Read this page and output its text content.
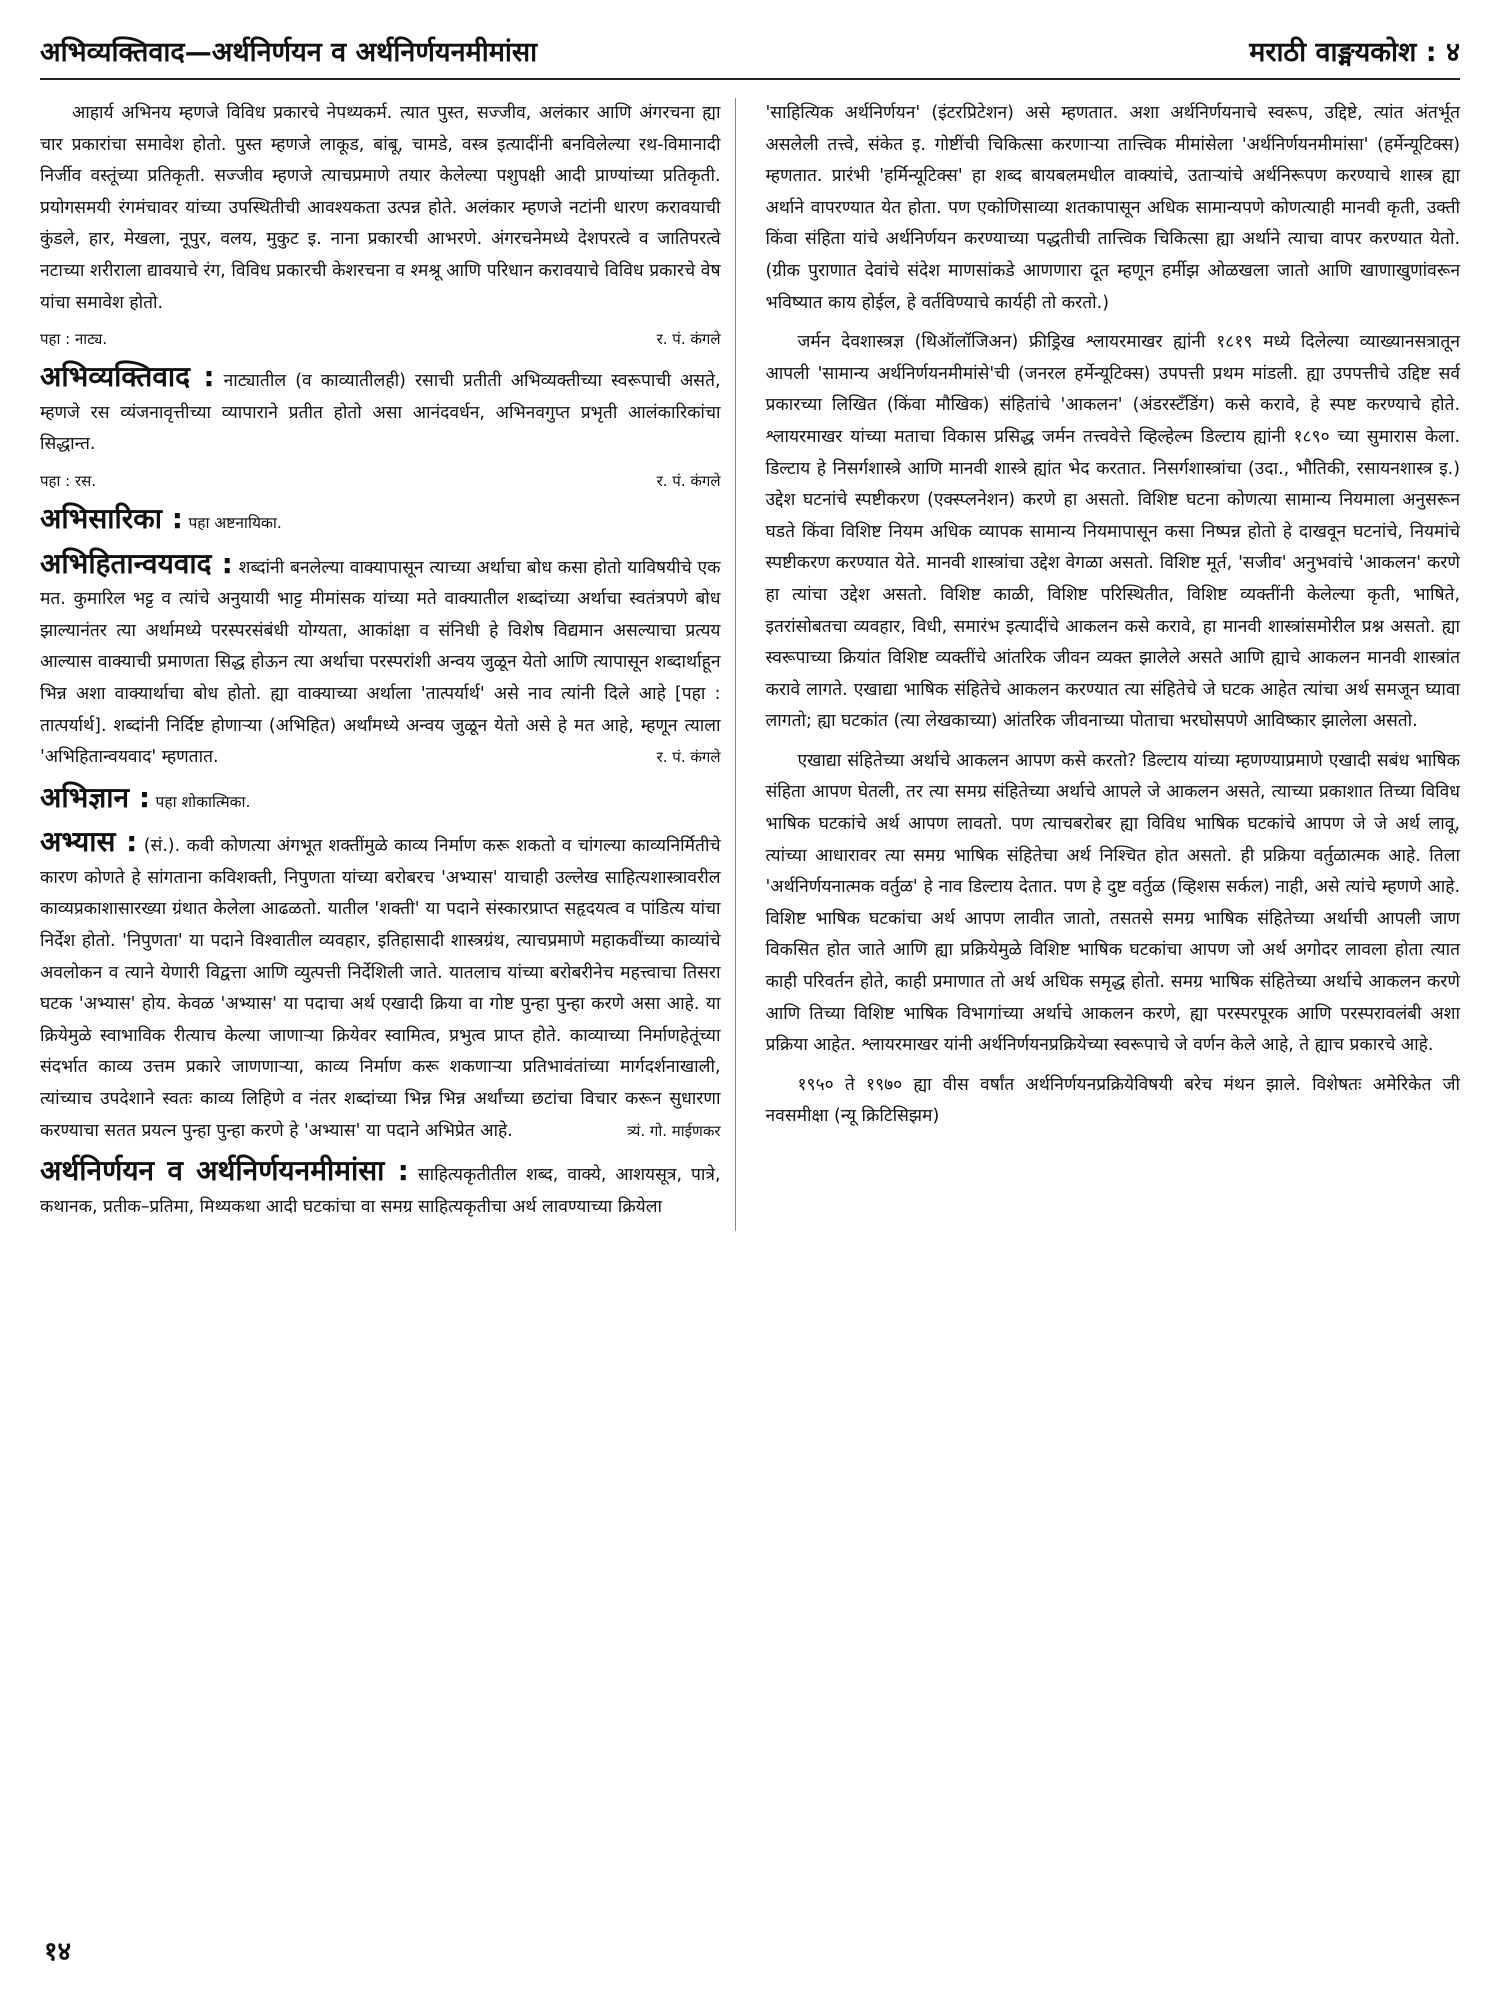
अभिव्यक्तिवाद—अर्थनिर्णयन व अर्थनिर्णयनमीमांसा	मराठी वाङ्मयकोश : ४

आहार्य अभिनय म्हणजे विविध प्रकारचे नेपथ्यकर्म. त्यात पुस्त, सज्जीव, अलंकार आणि अंगरचना ह्या चार प्रकारांचा समावेश होतो. पुस्त म्हणजे लाकूड, बांबू, चामडे, वस्त्र इत्यादींनी बनविलेल्या रथ-विमानादी निर्जीव वस्तूंच्या प्रतिकृती. सज्जीव म्हणजे त्याचप्रमाणे तयार केलेल्या पशुपक्षी आदी प्राण्यांच्या प्रतिकृती. प्रयोगसमयी रंगमंचावर यांच्या उपस्थितीची आवश्यकता उत्पन्न होते. अलंकार म्हणजे नटांनी धारण करावयाची कुंडले, हार, मेखला, नूपुर, वलय, मुकुट इ. नाना प्रकारची आभरणे. अंगरचनेमध्ये देशपरत्वे व जातिपरत्वे नटाच्या शरीराला द्यावयाचे रंग, विविध प्रकारची केशरचना व श्मश्रू आणि परिधान करावयाचे विविध प्रकारचे वेष यांचा समावेश होतो.

पहा : नाट्य.	र. पं. कंगले
अभिव्यक्तिवाद : नाट्यातील (व काव्यातीलही) रसाची प्रतीती अभिव्यक्तीच्या स्वरूपाची असते, म्हणजे रस व्यंजनावृत्तीच्या व्यापाराने प्रतीत होतो असा आनंदवर्धन, अभिनवगुप्त प्रभृती आलंकारिकांचा सिद्धान्त.
पहा : रस.	र. पं. कंगले
अभिसारिका : पहा अष्टनायिका.
अभिहितान्वयवाद : शब्दांनी बनलेल्या वाक्यापासून त्याच्या अर्थाचा बोध कसा होतो याविषयीचे एक मत. कुमारिल भट्ट व त्यांचे अनुयायी भाट्ट मीमांसक यांच्या मते वाक्यातील शब्दांच्या अर्थाचा स्वतंत्रपणे बोध झाल्यानंतर त्या अर्थामध्ये परस्परसंबंधी योग्यता, आकांक्षा व संनिधी हे विशेष विद्यमान असल्याचा प्रत्यय आल्यास वाक्याची प्रमाणता सिद्ध होऊन त्या अर्थाचा परस्परांशी अन्वय जुळून येतो आणि त्यापासून शब्दार्थाहून भिन्न अशा वाक्यार्थाचा बोध होतो. ह्या वाक्याच्या अर्थाला 'तात्पर्यार्थ' असे नाव त्यांनी दिले आहे [पहा : तात्पर्यार्थ]. शब्दांनी निर्दिष्ट होणाऱ्या (अभिहित) अर्थांमध्ये अन्वय जुळून येतो असे हे मत आहे, म्हणून त्याला 'अभिहितान्वयवाद' म्हणतात.	र. पं. कंगले
अभिज्ञान : पहा शोकात्मिका.
अभ्यास : (सं.). कवी कोणत्या अंगभूत शक्तींमुळे काव्य निर्माण करू शकतो व चांगल्या काव्यनिर्मितीचे कारण कोणते हे सांगताना कविशक्ती, निपुणता यांच्या बरोबरच 'अभ्यास' याचाही उल्लेख साहित्यशास्त्रावरील काव्यप्रकाशासारख्या ग्रंथात केलेला आढळतो. यातील 'शक्ती' या पदाने संस्कारप्राप्त सहृदयत्व व पांडित्य यांचा निर्देश होतो. 'निपुणता' या पदाने विश्वातील व्यवहार, इतिहासादी शास्त्रग्रंथ, त्याचप्रमाणे महाकवींच्या काव्यांचे अवलोकन व त्याने येणारी विद्वत्ता आणि व्युत्पत्ती निर्देशिली जाते. यातलाच यांच्या बरोबरीनेच महत्त्वाचा तिसरा घटक 'अभ्यास' होय. केवळ 'अभ्यास' या पदाचा अर्थ एखादी क्रिया वा गोष्ट पुन्हा पुन्हा करणे असा आहे. या क्रियेमुळे स्वाभाविक रीत्याच केल्या जाणाऱ्या क्रियेवर स्वामित्व, प्रभुत्व प्राप्त होते. काव्याच्या निर्माणहेतूंच्या संदर्भात काव्य उत्तम प्रकारे जाणणाऱ्या, काव्य निर्माण करू शकणाऱ्या प्रतिभावंतांच्या मार्गदर्शनाखाली, त्यांच्याच उपदेशाने स्वतः काव्य लिहिणे व नंतर शब्दांच्या भिन्न भिन्न अर्थांच्या छटांचा विचार करून सुधारणा करण्याचा सतत प्रयत्न पुन्हा पुन्हा करणे हे 'अभ्यास' या पदाने अभिप्रेत आहे.	त्र्यं. गो. माईणकर
अर्थनिर्णयन व अर्थनिर्णयनमीमांसा : साहित्यकृतीतील शब्द, वाक्ये, आशयसूत्र, पात्रे, कथानक, प्रतीक–प्रतिमा, मिथ्यकथा आदी घटकांचा वा समग्र साहित्यकृतीचा अर्थ लावण्याच्या क्रियेला

'साहित्यिक अर्थनिर्णयन' (इंटरप्रिटेशन) असे म्हणतात. अशा अर्थनिर्णयनाचे स्वरूप, उद्दिष्टे, त्यांत अंतर्भूत असलेली तत्त्वे, संकेत इ. गोष्टींची चिकित्सा करणाऱ्या तात्त्विक मीमांसेला 'अर्थनिर्णयनमीमांसा' (हर्मेन्यूटिक्स) म्हणतात. प्रारंभी 'हर्मिन्यूटिक्स' हा शब्द बायबलमधील वाक्यांचे, उताऱ्यांचे अर्थनिरूपण करण्याचे शास्त्र ह्या अर्थाने वापरण्यात येत होता. पण एकोणिसाव्या शतकापासून अधिक सामान्यपणे कोणत्याही मानवी कृती, उक्ती किंवा संहिता यांचे अर्थनिर्णयन करण्याच्या पद्धतीची तात्त्विक चिकित्सा ह्या अर्थाने त्याचा वापर करण्यात येतो. (ग्रीक पुराणात देवांचे संदेश माणसांकडे आणणारा दूत म्हणून हर्मीझ ओळखला जातो आणि खाणाखुणांवरून भविष्यात काय होईल, हे वर्तविण्याचे कार्यही तो करतो.)

जर्मन देवशास्त्रज्ञ (थिऑलॉजिअन) फ्रीड्रिख श्लायरमाखर ह्यांनी १८१९ मध्ये दिलेल्या व्याख्यानसत्रातून आपली 'सामान्य अर्थनिर्णयनमीमांसे'ची (जनरल हर्मेन्यूटिक्स) उपपत्ती प्रथम मांडली. ह्या उपपत्तीचे उद्दिष्ट सर्व प्रकारच्या लिखित (किंवा मौखिक) संहितांचे 'आकलन' (अंडरस्टॅंडिंग) कसे करावे, हे स्पष्ट करण्याचे होते. श्लायरमाखर यांच्या मताचा विकास प्रसिद्ध जर्मन तत्त्ववेत्ते व्हिल्हेल्म डिल्टाय ह्यांनी १८९० च्या सुमारास केला. डिल्टाय हे निसर्गशास्त्रे आणि मानवी शास्त्रे ह्यांत भेद करतात. निसर्गशास्त्रांचा (उदा., भौतिकी, रसायनशास्त्र इ.) उद्देश घटनांचे स्पष्टीकरण (एक्स्प्लनेशन) करणे हा असतो. विशिष्ट घटना कोणत्या सामान्य नियमाला अनुसरून घडते किंवा विशिष्ट नियम अधिक व्यापक सामान्य नियमापासून कसा निष्पन्न होतो हे दाखवून घटनांचे, नियमांचे स्पष्टीकरण करण्यात येते. मानवी शास्त्रांचा उद्देश वेगळा असतो. विशिष्ट मूर्त, 'सजीव' अनुभवांचे 'आकलन' करणे हा त्यांचा उद्देश असतो. विशिष्ट काळी, विशिष्ट परिस्थितीत, विशिष्ट व्यक्तींनी केलेल्या कृती, भाषिते, इतरांसोबतचा व्यवहार, विधी, समारंभ इत्यादींचे आकलन कसे करावे, हा मानवी शास्त्रांसमोरील प्रश्न असतो. ह्या स्वरूपाच्या क्रियांत विशिष्ट व्यक्तींचे आंतरिक जीवन व्यक्त झालेले असते आणि ह्याचे आकलन मानवी शास्त्रांत करावे लागते. एखाद्या भाषिक संहितेचे आकलन करण्यात त्या संहितेचे जे घटक आहेत त्यांचा अर्थ समजून घ्यावा लागतो; ह्या घटकांत (त्या लेखकाच्या) आंतरिक जीवनाच्या पोताचा भरघोसपणे आविष्कार झालेला असतो.

एखाद्या संहितेच्या अर्थाचे आकलन आपण कसे करतो? डिल्टाय यांच्या म्हणण्याप्रमाणे एखादी सबंध भाषिक संहिता आपण घेतली, तर त्या समग्र संहितेच्या अर्थाचे आपले जे आकलन असते, त्याच्या प्रकाशात तिच्या विविध भाषिक घटकांचे अर्थ आपण लावतो. पण त्याचबरोबर ह्या विविध भाषिक घटकांचे आपण जे जे अर्थ लावू, त्यांच्या आधारावर त्या समग्र भाषिक संहितेचा अर्थ निश्चित होत असतो. ही प्रक्रिया वर्तुळात्मक आहे. तिला 'अर्थनिर्णयनात्मक वर्तुळ' हे नाव डिल्टाय देतात. पण हे दुष्ट वर्तुळ (व्हिशस सर्कल) नाही, असे त्यांचे म्हणणे आहे. विशिष्ट भाषिक घटकांचा अर्थ आपण लावीत जातो, तसतसे समग्र भाषिक संहितेच्या अर्थाची आपली जाण विकसित होत जाते आणि ह्या प्रक्रियेमुळे विशिष्ट भाषिक घटकांचा आपण जो अर्थ अगोदर लावला होता त्यात काही परिवर्तन होते, काही प्रमाणात तो अर्थ अधिक समृद्ध होतो. समग्र भाषिक संहितेच्या अर्थाचे आकलन करणे आणि तिच्या विशिष्ट भाषिक विभागांच्या अर्थाचे आकलन करणे, ह्या परस्परपूरक आणि परस्परावलंबी अशा प्रक्रिया आहेत. श्लायरमाखर यांनी अर्थनिर्णयनप्रक्रियेच्या स्वरूपाचे जे वर्णन केले आहे, ते ह्याच प्रकारचे आहे.

१९५० ते १९७० ह्या वीस वर्षांत अर्थनिर्णयनप्रक्रियेविषयी बरेच मंथन झाले. विशेषतः अमेरिकेत जी नवसमीक्षा (न्यू क्रिटिसिझम)

१४
